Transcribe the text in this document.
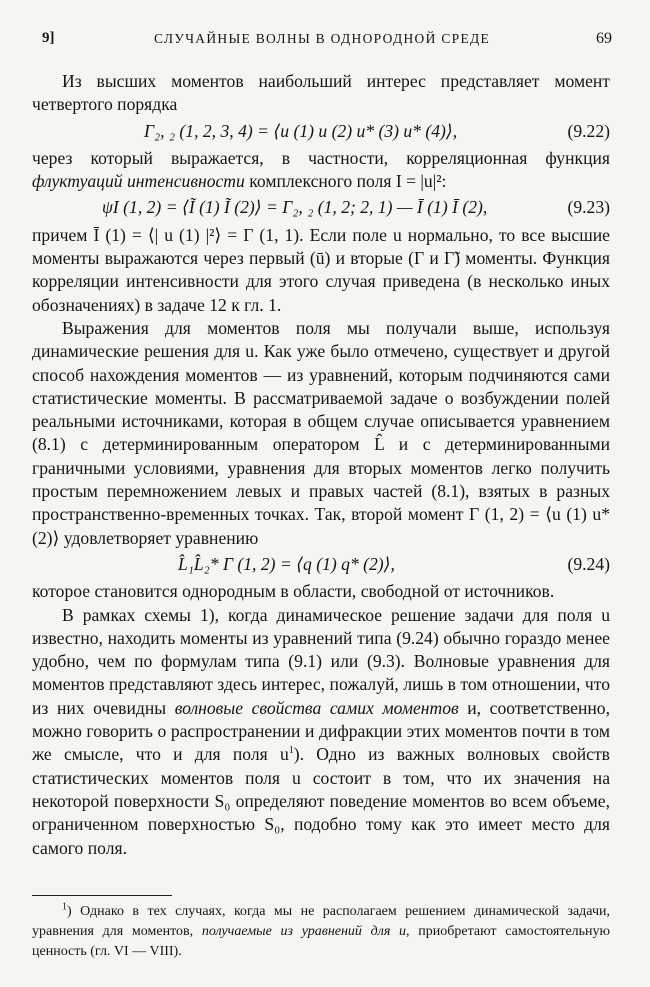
9]	СЛУЧАЙНЫЕ ВОЛНЫ В ОДНОРОДНОЙ СРЕДЕ	69

Из высших моментов наибольший интерес представляет момент четвертого порядка

Γ₂, ₂ (1, 2, 3, 4) = ⟨u (1) u (2) u* (3) u* (4)⟩,	(9.22)

через который выражается, в частности, корреляционная функция флуктуаций интенсивности комплексного поля I = |u|²:

ψI (1, 2) = ⟨Ĩ (1) Ĩ (2)⟩ = Γ₂, ₂ (1, 2; 2, 1) — Ī (1) Ī (2),	(9.23)

причем Ī (1) = ⟨| u (1) |²⟩ = Γ (1, 1). Если поле u нормально, то все высшие моменты выражаются через первый (ū) и вторые (Γ и Γ̃) моменты. Функция корреляции интенсивности для этого случая приведена (в несколько иных обозначениях) в задаче 12 к гл. 1.

Выражения для моментов поля мы получали выше, используя динамические решения для u. Как уже было отмечено, существует и другой способ нахождения моментов — из уравнений, которым подчиняются сами статистические моменты. В рассматриваемой задаче о возбуждении полей реальными источниками, которая в общем случае описывается уравнением (8.1) с детерминированным оператором L̂ и с детерминированными граничными условиями, уравнения для вторых моментов легко получить простым перемножением левых и правых частей (8.1), взятых в разных пространственно-временных точках. Так, второй момент Γ (1, 2) = ⟨u (1) u* (2)⟩ удовлетворяет уравнению

L̂₁L̂₂* Γ (1, 2) = ⟨q (1) q* (2)⟩,	(9.24)

которое становится однородным в области, свободной от источников.

В рамках схемы 1), когда динамическое решение задачи для поля u известно, находить моменты из уравнений типа (9.24) обычно гораздо менее удобно, чем по формулам типа (9.1) или (9.3). Волновые уравнения для моментов представляют здесь интерес, пожалуй, лишь в том отношении, что из них очевидны волновые свойства самих моментов и, соответственно, можно говорить о распространении и дифракции этих моментов почти в том же смысле, что и для поля $u^1$). Одно из важных волновых свойств статистических моментов поля u состоит в том, что их значения на некоторой поверхности S₀ определяют поведение моментов во всем объеме, ограниченном поверхностью S₀, подобно тому как это имеет место для самого поля.

$^1$) Однако в тех случаях, когда мы не располагаем решением динамической задачи, уравнения для моментов, получаемые из уравнений для u, приобретают самостоятельную ценность (гл. VI — VIII).
